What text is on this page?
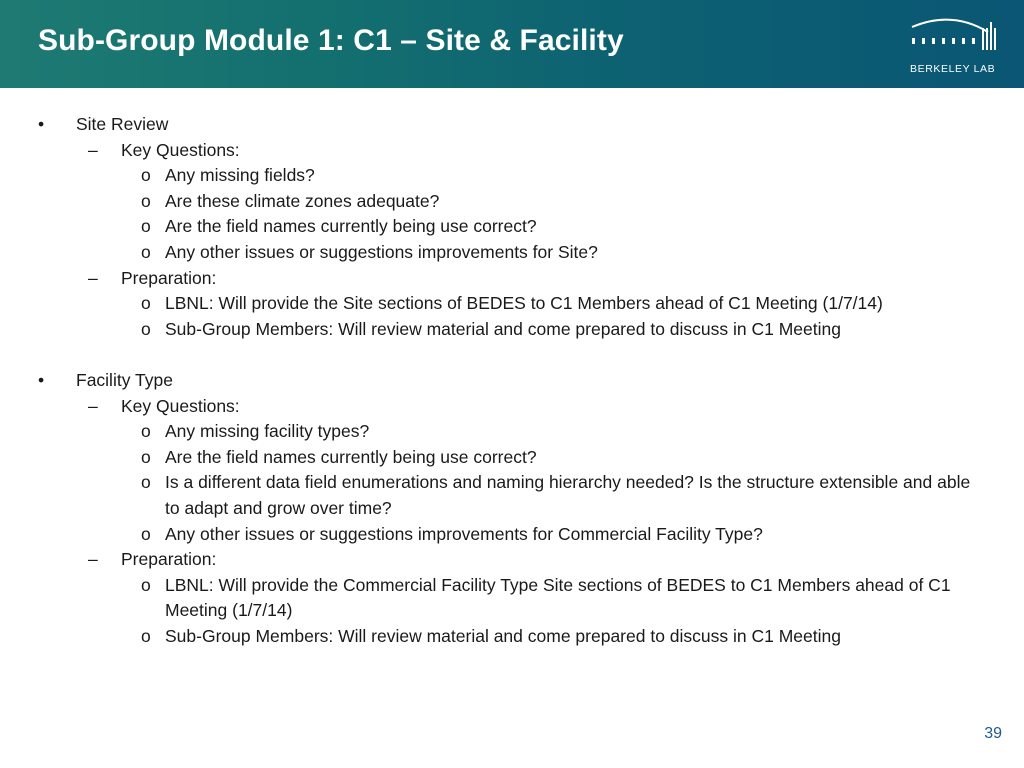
Sub-Group Module 1: C1 – Site & Facility
BERKELEY LAB
• Site Review
– Key Questions:
o Any missing fields?
o Are these climate zones adequate?
o Are the field names currently being use correct?
o Any other issues or suggestions improvements for Site?
– Preparation:
o LBNL: Will provide the Site sections of BEDES to C1 Members ahead of C1 Meeting (1/7/14)
o Sub-Group Members: Will review material and come prepared to discuss in C1 Meeting
• Facility Type
– Key Questions:
o Any missing facility types?
o Are the field names currently being use correct?
o Is a different data field enumerations and naming hierarchy needed? Is the structure extensible and able to adapt and grow over time?
o Any other issues or suggestions improvements for Commercial Facility Type?
– Preparation:
o LBNL: Will provide the Commercial Facility Type Site sections of BEDES to C1 Members ahead of C1 Meeting (1/7/14)
o Sub-Group Members: Will review material and come prepared to discuss in C1 Meeting
39
